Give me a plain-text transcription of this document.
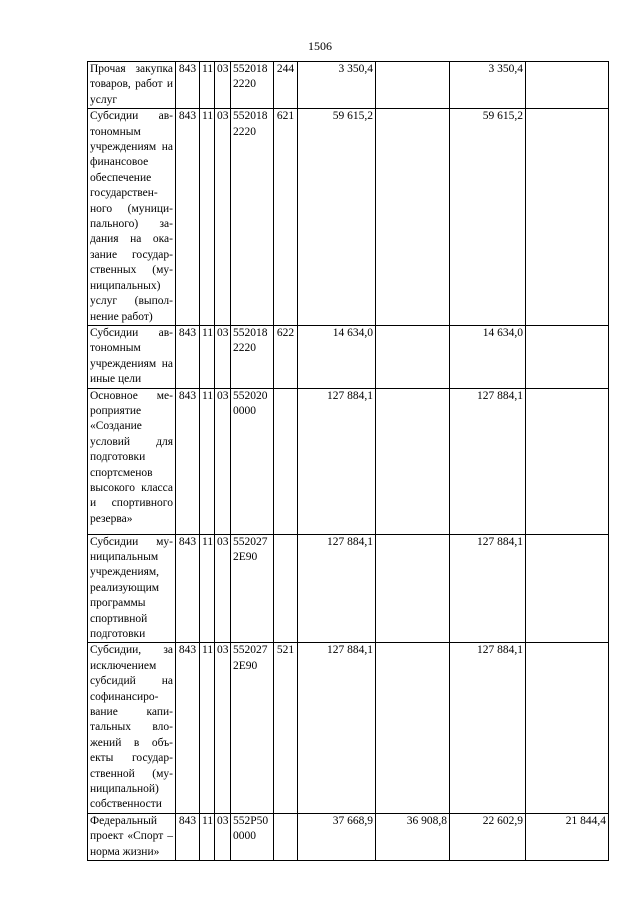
1506
Прочая закупка товаров, работ и услуг	843	11	03	5520182220	244	3 350,4		3 350,4	
Субсидии автономным учреждениям на финансовое обеспечение государственного (муниципального) задания на оказание государственных (муниципальных) услуг (выполнение работ)	843	11	03	5520182220	621	59 615,2		59 615,2	
Субсидии автономным учреждениям на иные цели	843	11	03	5520182220	622	14 634,0		14 634,0	
Основное мероприятие «Создание условий для подготовки спортсменов высокого класса и спортивного резерва»	843	11	03	5520200000		127 884,1		127 884,1	
Субсидии муниципальным учреждениям, реализующим программы спортивной подготовки	843	11	03	552027 2E90		127 884,1		127 884,1	
Субсидии, за исключением субсидий на софинансирование капитальных вложений в объекты государственной (муниципальной) собственности	843	11	03	552027 2E90	521	127 884,1		127 884,1	
Федеральный проект «Спорт – норма жизни»	843	11	03	552P500000		37 668,9	36 908,8	22 602,9	21 844,4
